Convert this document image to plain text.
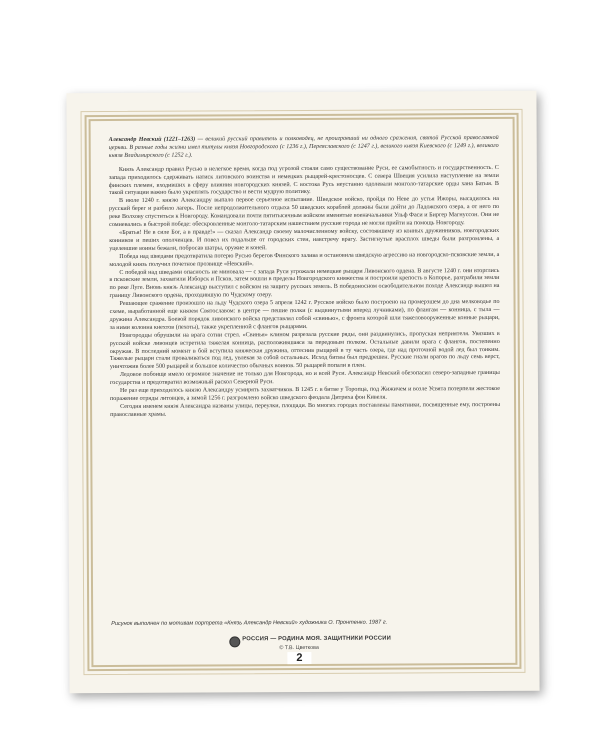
Александр Невский (1221–1263) — великий русский правитель и полководец, не проигравший ни одного сражения, святой Русской православной церкви. В разные годы жизни имел титулы князя Новгородского (с 1236 г.), Переяславского (с 1247 г.), великого князя Киевского (с 1249 г.), великого князя Владимирского (с 1252 г.).

Князь Александр правил Русью в нелегкое время, когда под угрозой стояли само существование Руси, ее самобытность и государственность. С запада приходилось сдерживать натиск литовского воинства и немецких рыцарей-крестоносцев. С севера Швеция усилила наступление на земли финских племен, входивших в сферу влияния новгородских князей. С востока Русь неустанно одолевали монголо-татарские орды хана Батыя. В такой ситуации важно было укреплять государство и вести мудрую политику.

В июле 1240 г. князю Александру выпало первое серьезное испытание. Шведское войско, пройдя по Неве до устья Ижоры, высадилось на русский берег и разбило лагерь. После непродолжительного отдыха 50 шведских кораблей должны были дойти до Ладожского озера, а от него по реке Волхову спуститься к Новгороду. Командовали почти пятитысячным войском именитые военачальники Ульф Фаси и Биргер Магнуссон. Они не сомневались в быстрой победе: обескровленные монголо-татарским нашествием русские города не могли прийти на помощь Новгороду.

«Братья! Не в силе Бог, а в правде!» — сказал Александр своему малочисленному войску, состоявшему из конных дружинников, новгородских конников и пеших ополченцев. И повел их подальше от городских стен, навстречу врагу. Застигнутые врасплох шведы были разгромлены, а уцелевшие воины бежали, побросав шатры, оружие и коней.

Победа над шведами предотвратила потерю Русью берегов Финского залива и остановила шведскую агрессию на новгородско-псковские земли, а молодой князь получил почетное прозвище «Невский».

С победой над шведами опасность не миновала — с запада Руси угрожали немецкие рыцари Ливонского ордена. В августе 1240 г. они вторглись в псковские земли, захватили Изборск и Псков, затем вошли в пределы Новгородского княжества и построили крепость в Копорье, разграбили земли по реке Луге. Вновь князь Александр выступил с войском на защиту русских земель. В победоносном освободительном походе Александр вышел на границу Ливонского ордена, проходившую по Чудскому озеру.

Решающее сражение произошло на льду Чудского озера 5 апреля 1242 г. Русское войско было построено на промерзшем до дна мелководье по схеме, выработанной еще князем Святославом: в центре — пешие полки (с выдвинутыми вперед лучниками), по флангам — конница, с тыла — дружина Александра. Боевой порядок ливонского войска представлял собой «свинью», с фронта которой шли тяжеловооруженные конные рыцари, за ними колонна кнехтов (пехоты), также укрепленной с флангов рыцарями.

Новгородцы обрушили на врага сотни стрел. «Свинья» клином разрезала русские ряды, они раздвинулись, пропуская неприятеля. Увязших в русской войске ливонцев встретила тяжелая конница, расположившаяся за передовым полком. Остальные давили врага с флангов, постепенно окружая. В последний момент в бой вступила княжеская дружина, оттеснив рыцарей в ту часть озера, где над проточной водой лед был тонким. Тяжелые рыцари стали проваливаться под лед, увлекая за собой остальных. Исход битвы был предрешен. Русские гнали врагов по льду семь верст, уничтожив более 500 рыцарей и большое количество обычных воинов. 50 рыцарей попали в плен.

Ледовое побоище имело огромное значение не только для Новгорода, но и всей Руси. Александр Невский обезопасил северо-западные границы государства и предотвратил возможный раскол Северной Руси.

Не раз еще приходилось князю Александру усмирять захватчиков. В 1245 г. в битве у Торопца, под Жижичем и возле Усвята потерпели жестокое поражение отряды литовцев, а зимой 1256 г. разгромлено войско шведского феодала Дитриха фон Кивеля.

Сегодня именем князя Александра названы улицы, переулки, площади. Во многих городах поставлены памятники, посвященные ему, построены православные храмы.

Рисунок выполнен по мотивам портрета «Князь Александр Невский» художника О. Пронтенко. 1987 г.
РОССИЯ — РОДИНА МОЯ. ЗАЩИТНИКИ РОССИИ
© Т.В. Цветкова
2
